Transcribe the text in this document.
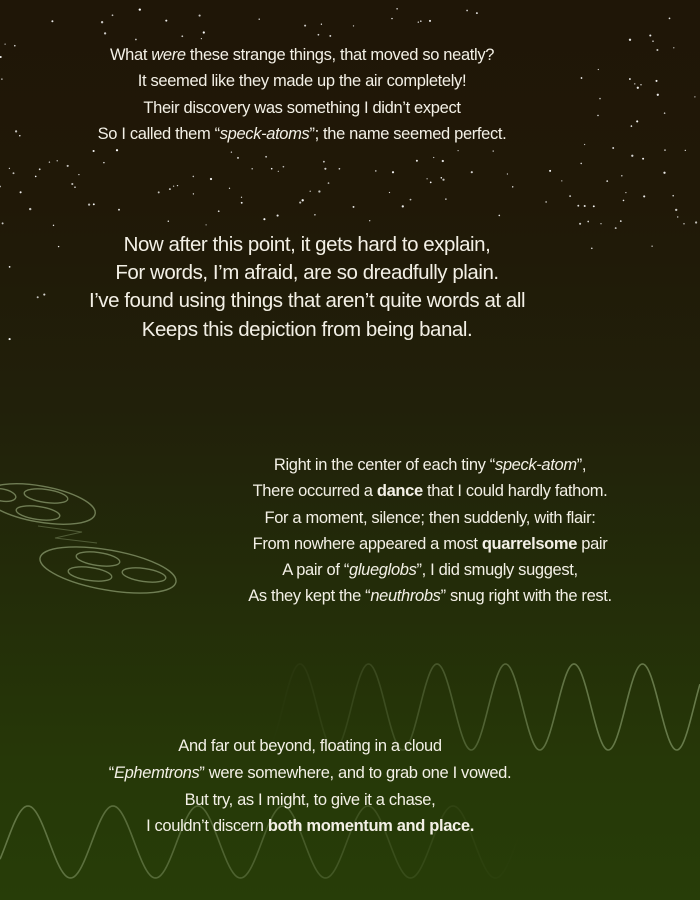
What were these strange things, that moved so neatly?
It seemed like they made up the air completely!
Their discovery was something I didn’t expect
So I called them “speck-atoms”; the name seemed perfect.
Now after this point, it gets hard to explain,
For words, I’m afraid, are so dreadfully plain.
I’ve found using things that aren’t quite words at all
Keeps this depiction from being banal.
Right in the center of each tiny “speck-atom”,
There occurred a dance that I could hardly fathom.
For a moment, silence; then suddenly, with flair:
From nowhere appeared a most quarrelsome pair
A pair of “glueglobs”, I did smugly suggest,
As they kept the “neuthrobs” snug right with the rest.
And far out beyond, floating in a cloud
“Ephemtrons” were somewhere, and to grab one I vowed.
But try, as I might, to give it a chase,
I couldn’t discern both momentum and place.
